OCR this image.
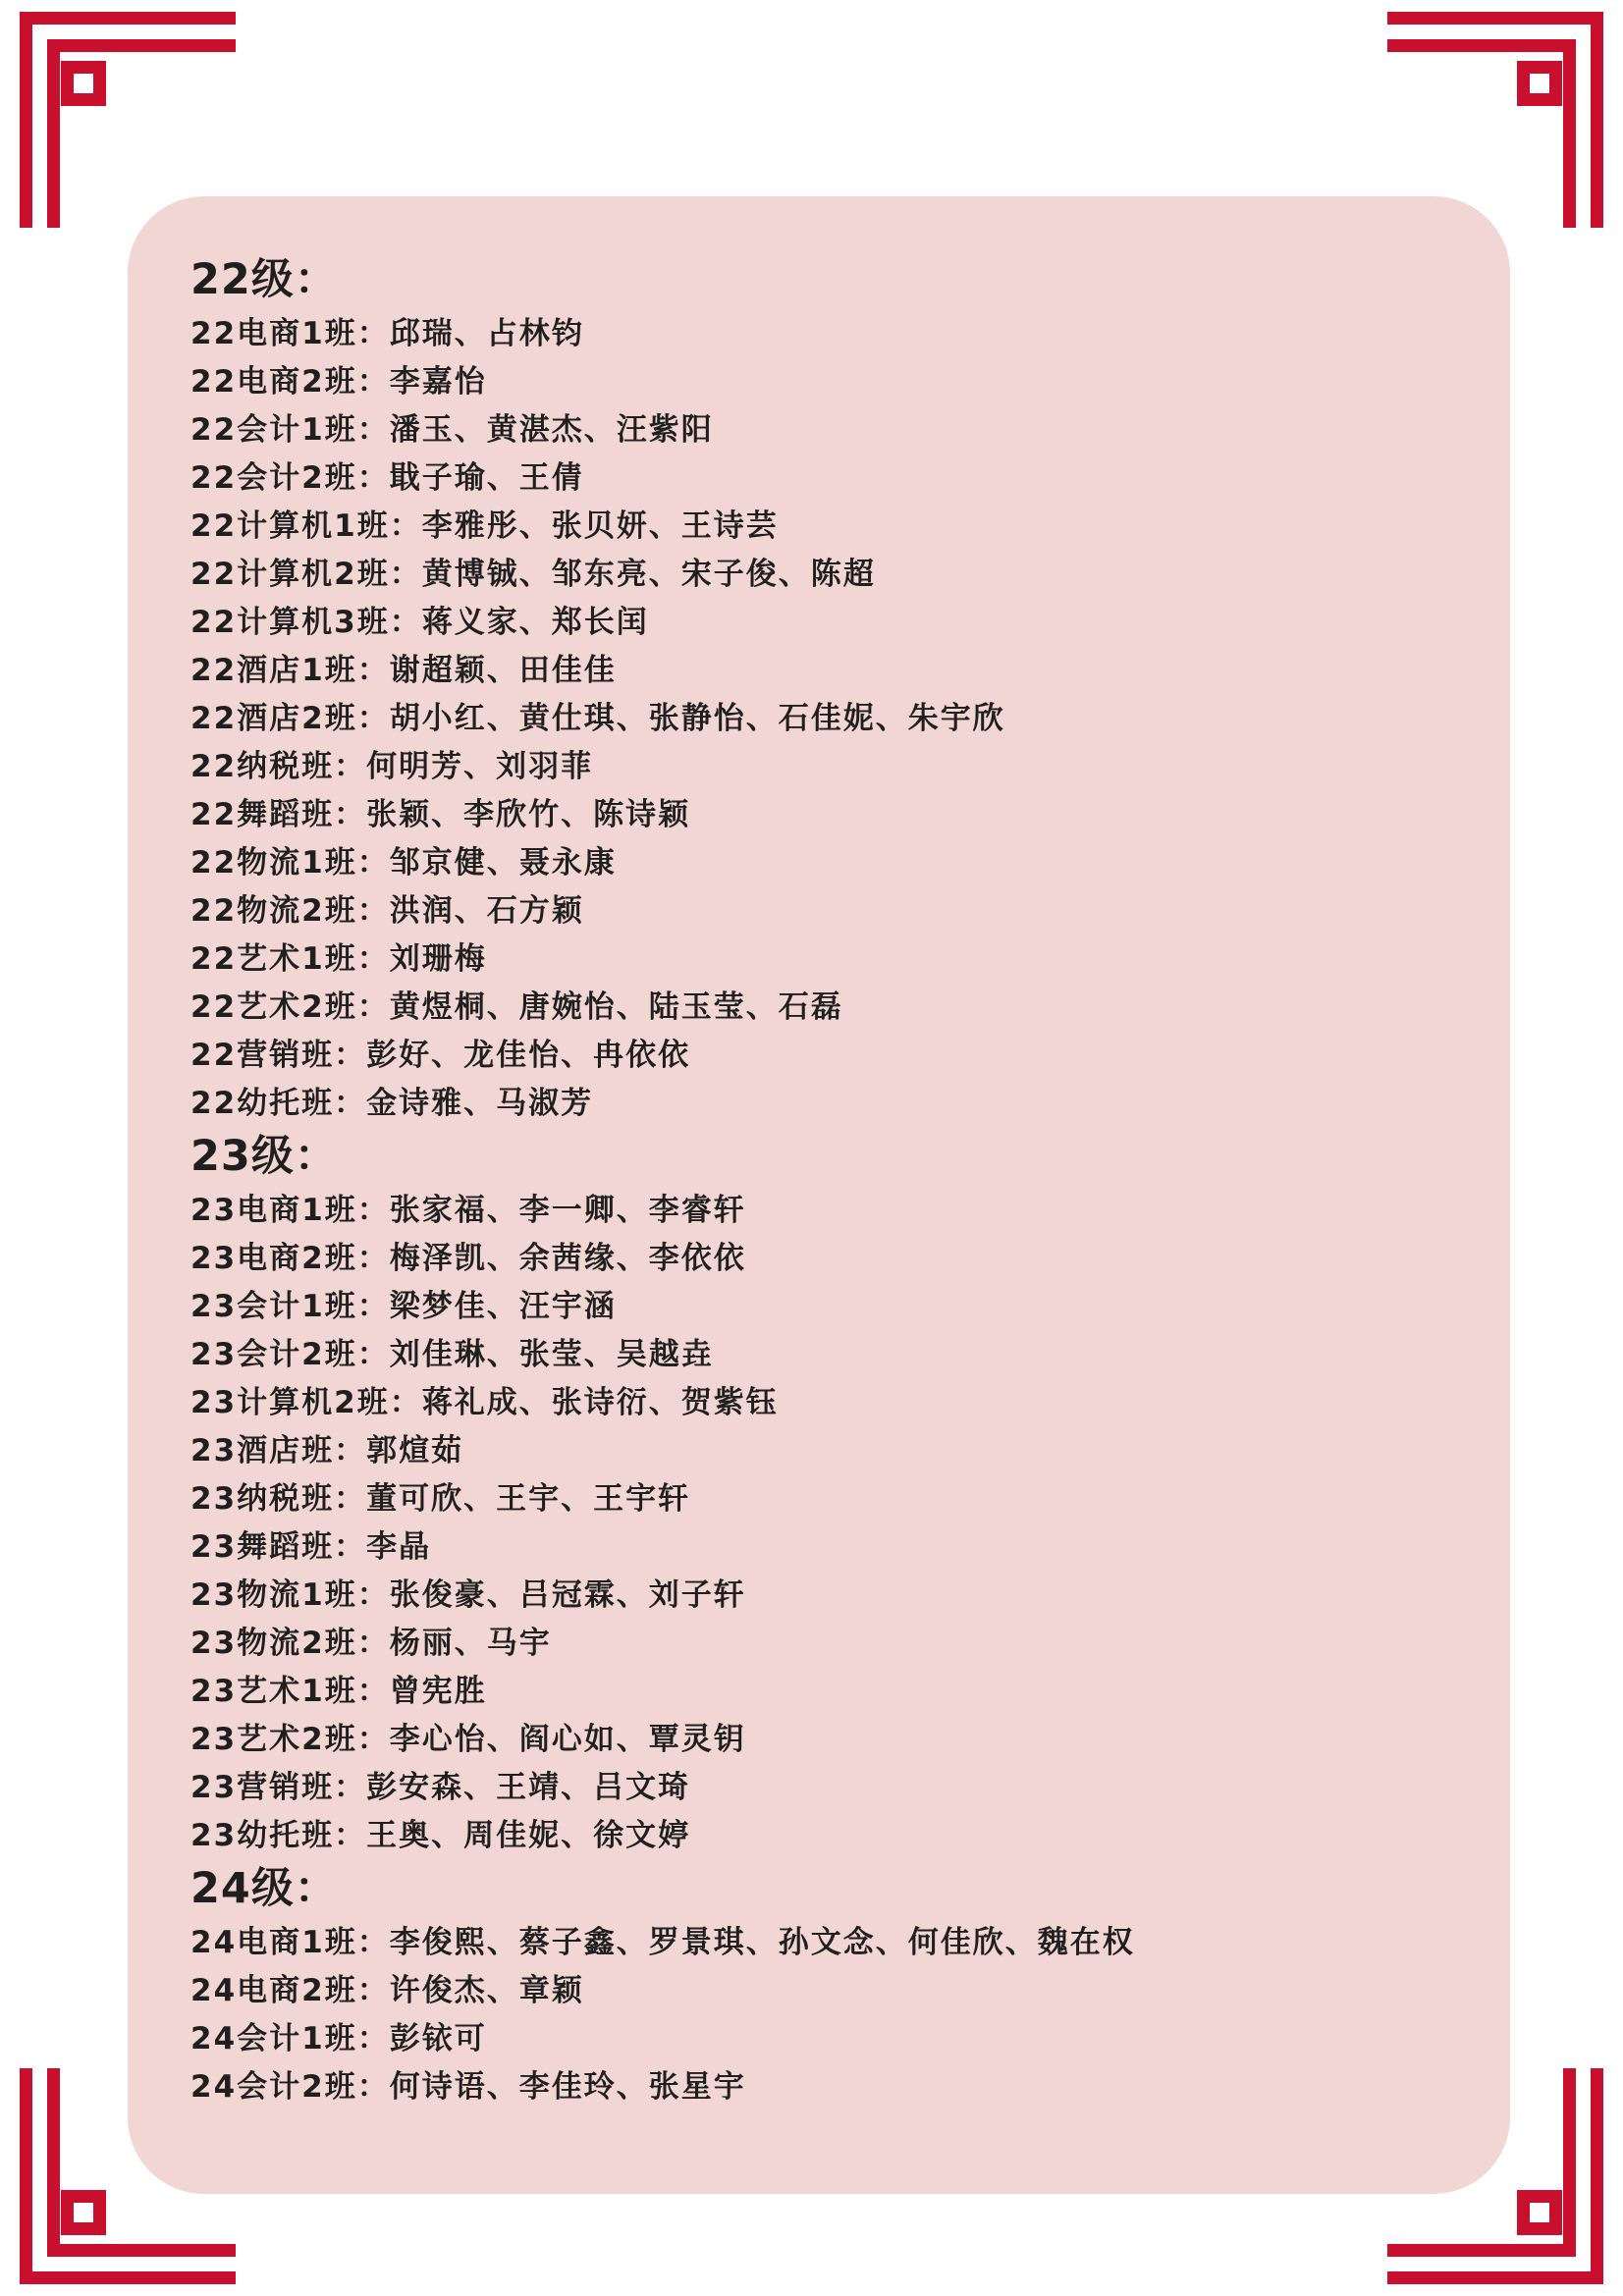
22级：
22电商1班：邱瑞、占林钧
22电商2班：李嘉怡
22会计1班：潘玉、黄湛杰、汪紫阳
22会计2班：戢子瑜、王倩
22计算机1班：李雅彤、张贝妍、王诗芸
22计算机2班：黄博铖、邹东亮、宋子俊、陈超
22计算机3班：蒋义家、郑长闰
22酒店1班：谢超颖、田佳佳
22酒店2班：胡小红、黄仕琪、张静怡、石佳妮、朱宇欣
22纳税班：何明芳、刘羽菲
22舞蹈班：张颖、李欣竹、陈诗颖
22物流1班：邹京健、聂永康
22物流2班：洪润、石方颖
22艺术1班：刘珊梅
22艺术2班：黄煜桐、唐婉怡、陆玉莹、石磊
22营销班：彭好、龙佳怡、冉依依
22幼托班：金诗雅、马淑芳
23级：
23电商1班：张家福、李一卿、李睿轩
23电商2班：梅泽凯、余茜缘、李依依
23会计1班：梁梦佳、汪宇涵
23会计2班：刘佳琳、张莹、吴越垚
23计算机2班：蒋礼成、张诗衍、贺紫钰
23酒店班：郭煊茹
23纳税班：董可欣、王宇、王宇轩
23舞蹈班：李晶
23物流1班：张俊豪、吕冠霖、刘子轩
23物流2班：杨丽、马宇
23艺术1班：曾宪胜
23艺术2班：李心怡、阎心如、覃灵钥
23营销班：彭安森、王靖、吕文琦
23幼托班：王奥、周佳妮、徐文婷
24级：
24电商1班：李俊熙、蔡子鑫、罗景琪、孙文念、何佳欣、魏在权
24电商2班：许俊杰、章颖
24会计1班：彭铱可
24会计2班：何诗语、李佳玲、张星宇
